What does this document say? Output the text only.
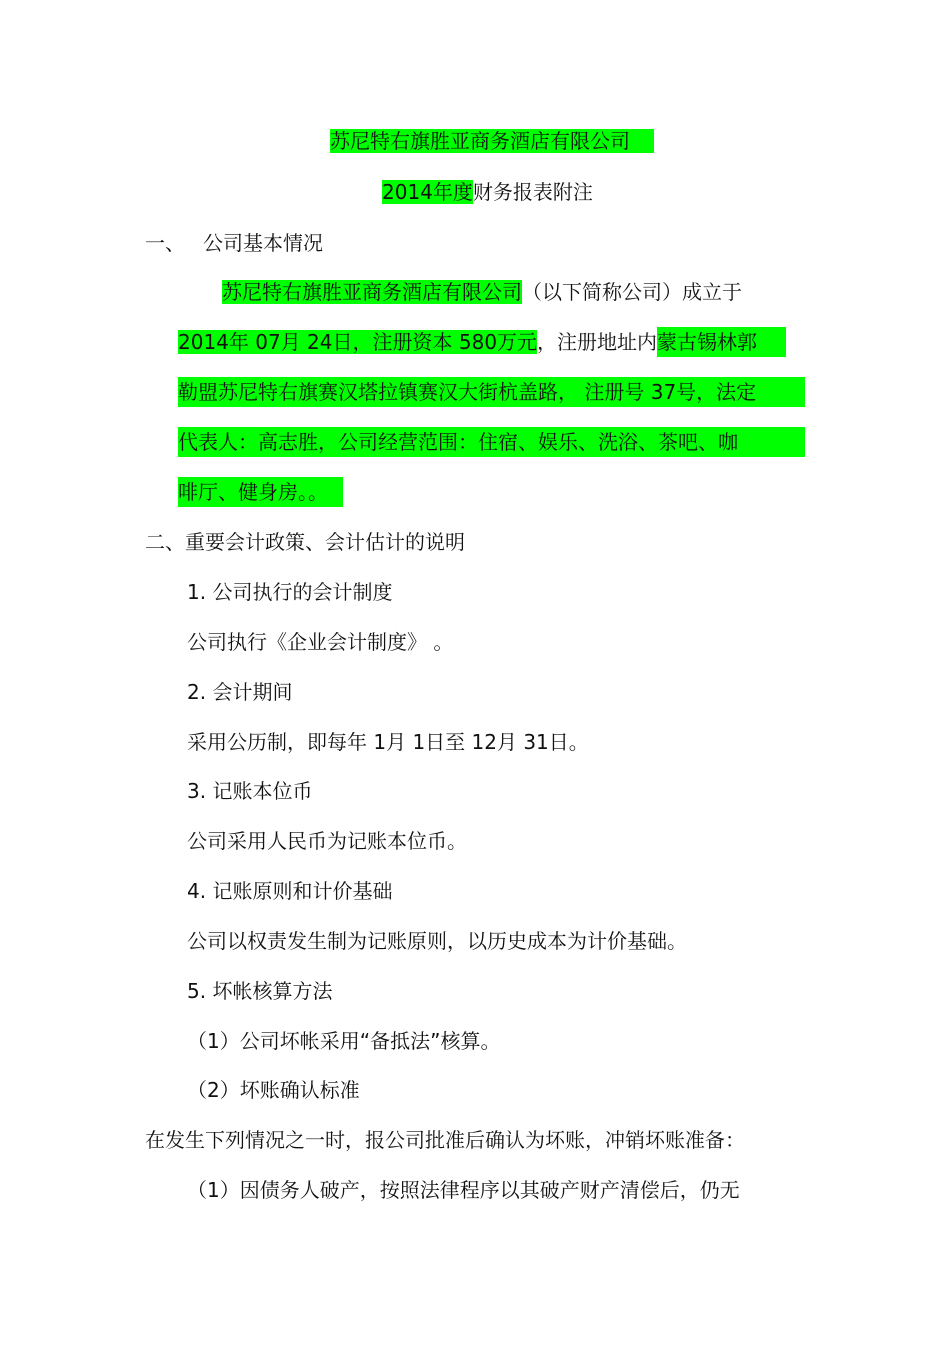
苏尼特右旗胜亚商务酒店有限公司
2014年度财务报表附注
一、 公司基本情况
苏尼特右旗胜亚商务酒店有限公司（以下简称公司）成立于
2014年 07月 24日，注册资本 580万元，注册地址内蒙古锡林郭
勒盟苏尼特右旗赛汉塔拉镇赛汉大街杭盖路， 注册号 37号，法定
代表人：高志胜，公司经营范围：住宿、娱乐、洗浴、茶吧、咖
啡厅、健身房。。
二、重要会计政策、会计估计的说明
1. 公司执行的会计制度
公司执行《企业会计制度》 。
2. 会计期间
采用公历制，即每年 1月 1日至 12月 31日。
3. 记账本位币
公司采用人民币为记账本位币。
4. 记账原则和计价基础
公司以权责发生制为记账原则，以历史成本为计价基础。
5. 坏帐核算方法
（1）公司坏帐采用“备抵法”核算。
（2）坏账确认标准
在发生下列情况之一时，报公司批准后确认为坏账，冲销坏账准备：
（1）因债务人破产，按照法律程序以其破产财产清偿后，仍无
